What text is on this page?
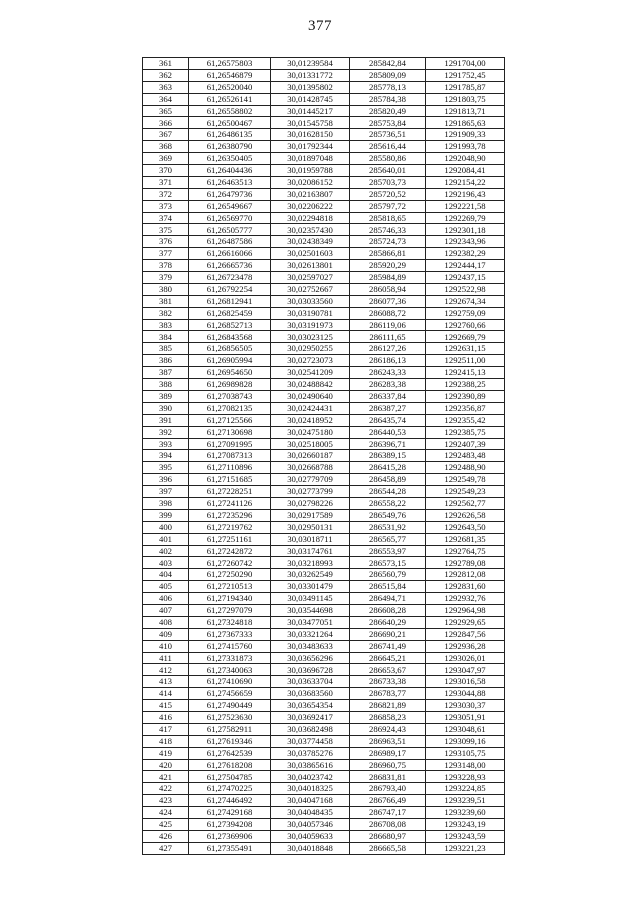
377
361	61,26575803	30,01239584	285842,84	1291704,00
362	61,26546879	30,01331772	285809,09	1291752,45
363	61,26520040	30,01395802	285778,13	1291785,87
364	61,26526141	30,01428745	285784,38	1291803,75
365	61,26558802	30,01445217	285820,49	1291813,71
366	61,26500467	30,01545758	285753,84	1291865,63
367	61,26486135	30,01628150	285736,51	1291909,33
368	61,26380790	30,01792344	285616,44	1291993,78
369	61,26350405	30,01897048	285580,86	1292048,90
370	61,26404436	30,01959788	285640,01	1292084,41
371	61,26463513	30,02086152	285703,73	1292154,22
372	61,26479736	30,02163807	285720,52	1292196,43
373	61,26549667	30,02206222	285797,72	1292221,58
374	61,26569770	30,02294818	285818,65	1292269,79
375	61,26505777	30,02357430	285746,33	1292301,18
376	61,26487586	30,02438349	285724,73	1292343,96
377	61,26616066	30,02501603	285866,81	1292382,29
378	61,26665736	30,02613801	285920,29	1292444,17
379	61,26723478	30,02597027	285984,89	1292437,15
380	61,26792254	30,02752667	286058,94	1292522,98
381	61,26812941	30,03033560	286077,36	1292674,34
382	61,26825459	30,03190781	286088,72	1292759,09
383	61,26852713	30,03191973	286119,06	1292760,66
384	61,26843568	30,03023125	286111,65	1292669,79
385	61,26856505	30,02950255	286127,26	1292631,15
386	61,26905994	30,02723073	286186,13	1292511,00
387	61,26954650	30,02541209	286243,33	1292415,13
388	61,26989828	30,02488842	286283,38	1292388,25
389	61,27038743	30,02490640	286337,84	1292390,89
390	61,27082135	30,02424431	286387,27	1292356,87
391	61,27125566	30,02418952	286435,74	1292355,42
392	61,27130698	30,02475180	286440,53	1292385,75
393	61,27091995	30,02518005	286396,71	1292407,39
394	61,27087313	30,02660187	286389,15	1292483,48
395	61,27110896	30,02668788	286415,28	1292488,90
396	61,27151685	30,02779709	286458,89	1292549,78
397	61,27228251	30,02773799	286544,28	1292549,23
398	61,27241126	30,02798226	286558,22	1292562,77
399	61,27235296	30,02917589	286549,76	1292626,58
400	61,27219762	30,02950131	286531,92	1292643,50
401	61,27251161	30,03018711	286565,77	1292681,35
402	61,27242872	30,03174761	286553,97	1292764,75
403	61,27260742	30,03218993	286573,15	1292789,08
404	61,27250290	30,03262549	286560,79	1292812,08
405	61,27210513	30,03301479	286515,84	1292831,60
406	61,27194340	30,03491145	286494,71	1292932,76
407	61,27297079	30,03544698	286608,28	1292964,98
408	61,27324818	30,03477051	286640,29	1292929,65
409	61,27367333	30,03321264	286690,21	1292847,56
410	61,27415760	30,03483633	286741,49	1292936,28
411	61,27331873	30,03656296	286645,21	1293026,01
412	61,27340063	30,03696728	286653,67	1293047,97
413	61,27410690	30,03633704	286733,38	1293016,58
414	61,27456659	30,03683560	286783,77	1293044,88
415	61,27490449	30,03654354	286821,89	1293030,37
416	61,27523630	30,03692417	286858,23	1293051,91
417	61,27582911	30,03682498	286924,43	1293048,61
418	61,27619346	30,03774458	286963,51	1293099,16
419	61,27642539	30,03785276	286989,17	1293105,75
420	61,27618208	30,03865616	286960,75	1293148,00
421	61,27504785	30,04023742	286831,81	1293228,93
422	61,27470225	30,04018325	286793,40	1293224,85
423	61,27446492	30,04047168	286766,49	1293239,51
424	61,27429168	30,04048435	286747,17	1293239,60
425	61,27394208	30,04057346	286708,08	1293243,19
426	61,27369906	30,04059633	286680,97	1293243,59
427	61,27355491	30,04018848	286665,58	1293221,23
